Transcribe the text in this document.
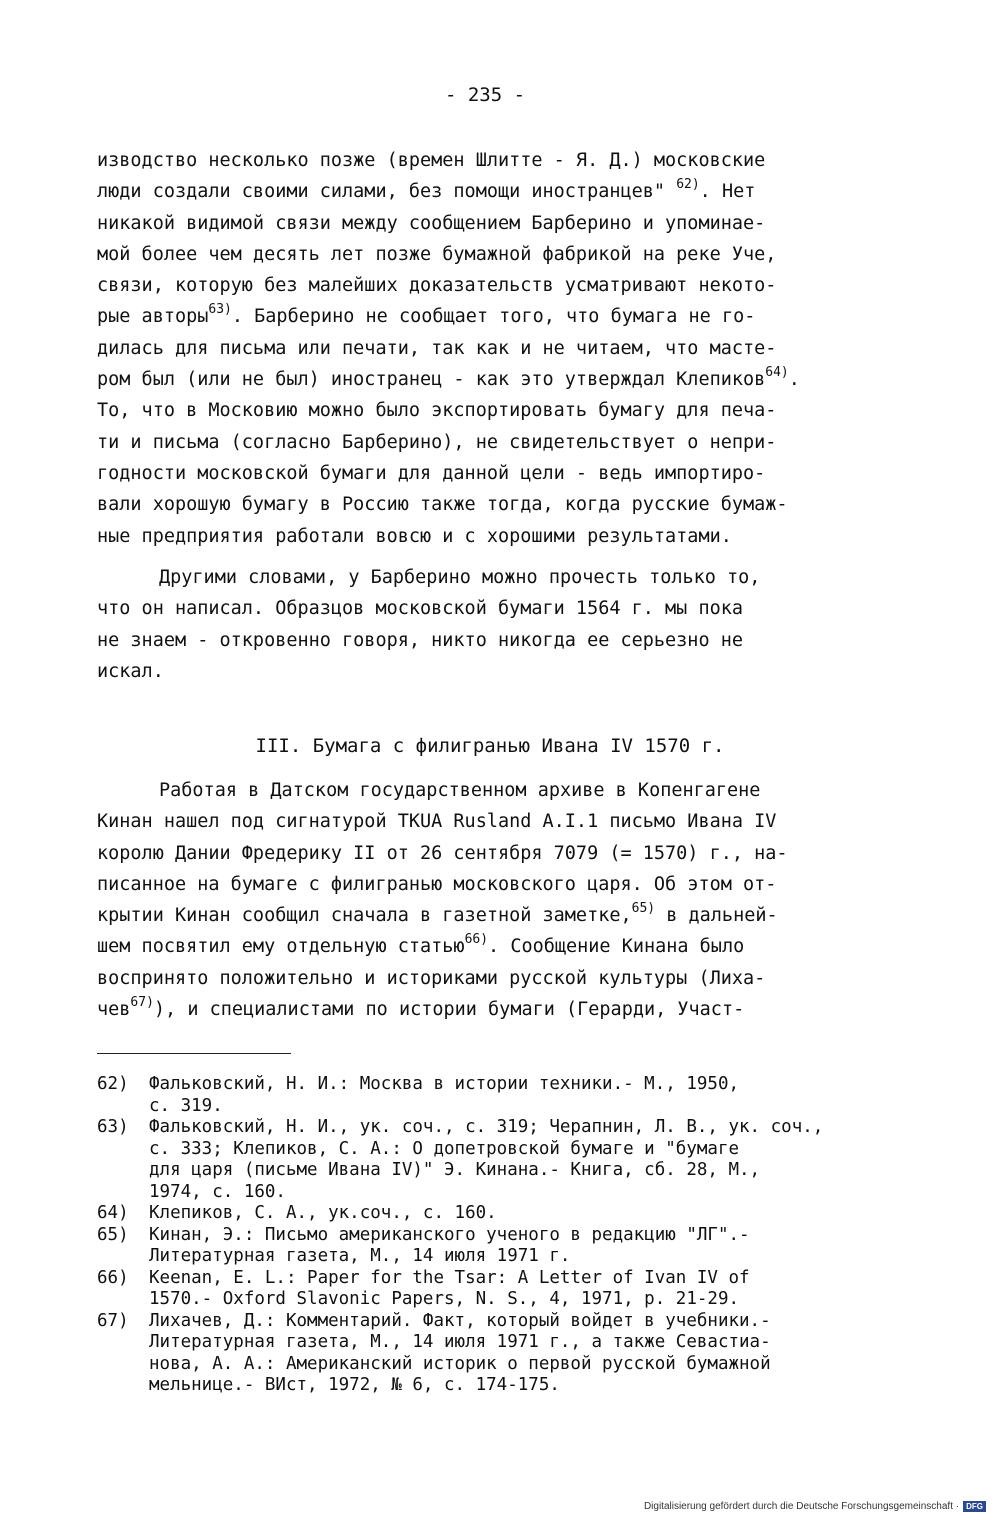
- 235 -
изводство несколько позже (времен Шлитте - Я. Д.) московские
люди создали своими силами, без помощи иностранцев" $^{62)}$. Нет
никакой видимой связи между сообщением Барберино и упоминае-
мой более чем десять лет позже бумажной фабрикой на реке Уче,
связи, которую без малейших доказательств усматривают некото-
рые авторы$^{63)}$. Барберино не сообщает того, что бумага не го-
дилась для письма или печати, так как и не читаем, что масте-
ром был (или не был) иностранец - как это утверждал Клепиков$^{64)}$.
То, что в Московию можно было экспортировать бумагу для печа-
ти и письма (согласно Барберино), не свидетельствует о непри-
годности московской бумаги для данной цели - ведь импортиро-
вали хорошую бумагу в Россию также тогда, когда русские бумаж-
ные предприятия работали вовсю и с хорошими результатами.
Другими словами, у Барберино можно прочесть только то,
что он написал. Образцов московской бумаги 1564 г. мы пока
не знаем - откровенно говоря, никто никогда ее серьезно не
искал.
III. Бумага с филигранью Ивана IV 1570 г.
Работая в Датском государственном архиве в Копенгагене
Кинан нашел под сигнатурой TKUA Rusland A.I.1 письмо Ивана IV
королю Дании Фредерику II от 26 сентября 7079 (= 1570) г., на-
писанное на бумаге с филигранью московского царя. Об этом от-
крытии Кинан сообщил сначала в газетной заметке,$^{65)}$ в дальней-
шем посвятил ему отдельную статью$^{66)}$. Сообщение Кинана было
воспринято положительно и историками русской культуры (Лиха-
чев$^{67)}$), и специалистами по истории бумаги (Герарди, Участ-
62)	Фальковский, Н. И.: Москва в истории техники.- М., 1950,
с. 319.
63)	Фальковский, Н. И., ук. соч., с. 319; Черапнин, Л. В., ук. соч.,
с. 333; Клепиков, С. А.: О допетровской бумаге и "бумаге
для царя (письме Ивана IV)" Э. Кинана.- Книга, сб. 28, М.,
1974, с. 160.
64)	Клепиков, С. А., ук.соч., с. 160.
65)	Кинан, Э.: Письмо американского ученого в редакцию "ЛГ".-
Литературная газета, М., 14 июля 1971 г.
66)	Keenan, E. L.: Paper for the Tsar: A Letter of Ivan IV of
1570.- Oxford Slavonic Papers, N. S., 4, 1971, p. 21-29.
67)	Лихачев, Д.: Комментарий. Факт, который войдет в учебники.-
Литературная газета, М., 14 июля 1971 г., а также Севастиа-
нова, А. А.: Американский историк о первой русской бумажной
мельнице.- ВИст, 1972, № 6, с. 174-175.
Digitalisierung gefördert durch die Deutsche Forschungsgemeinschaft · DFG
